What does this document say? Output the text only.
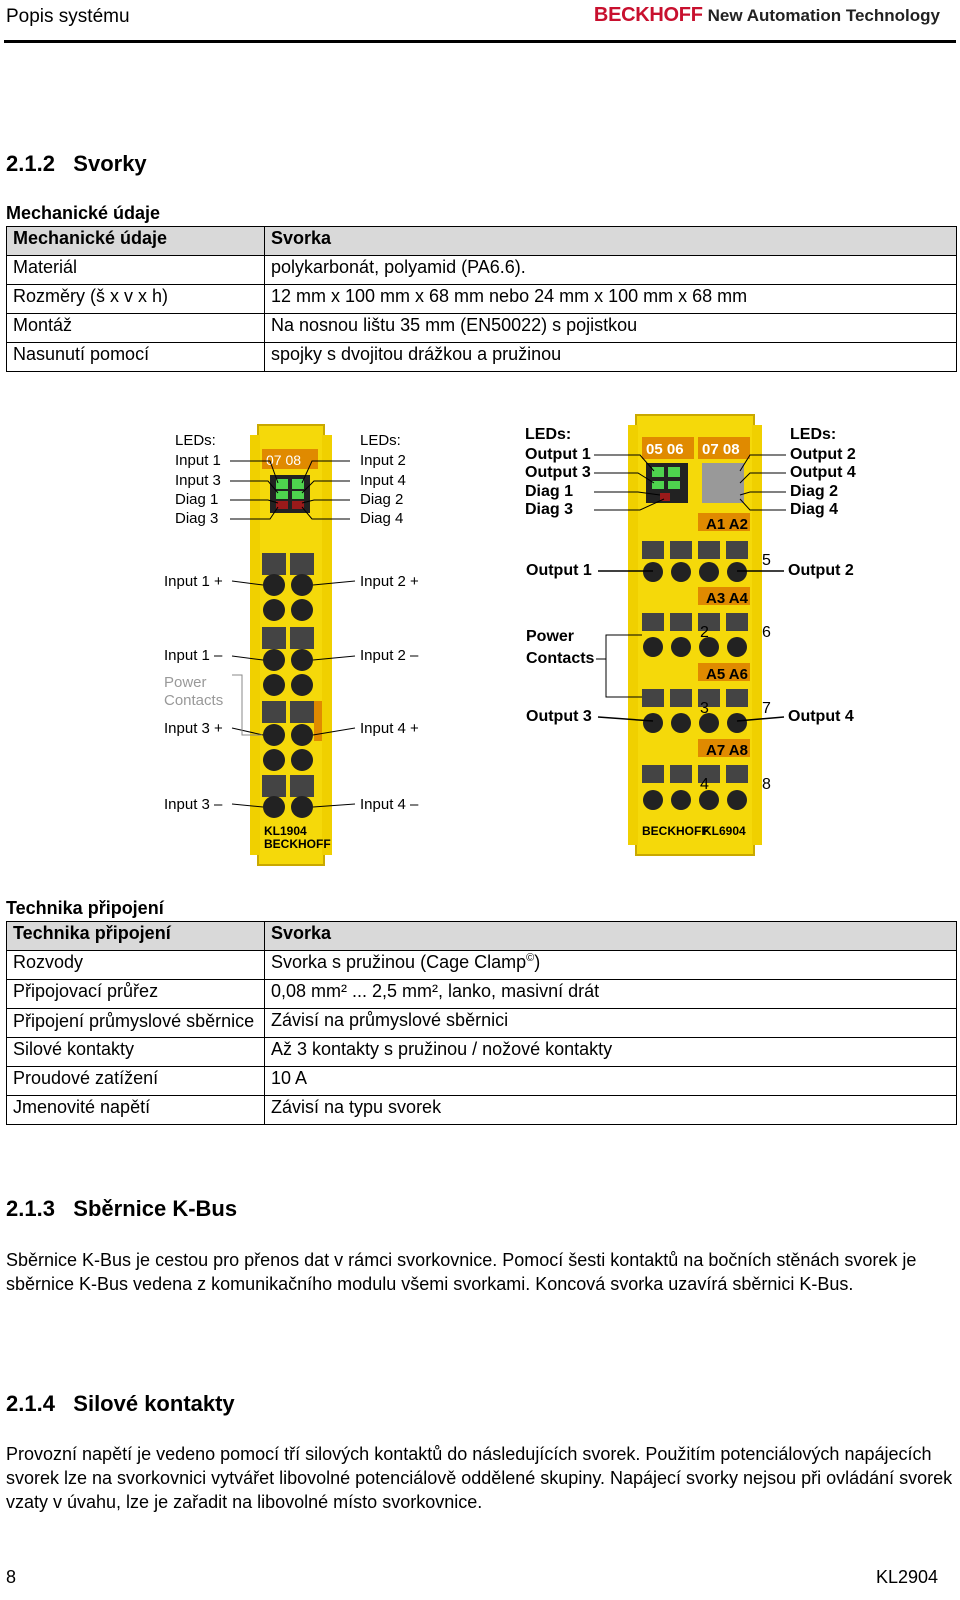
Popis systému	BECKHOFF New Automation Technology
2.1.2 Svorky
Mechanické údaje
Mechanické údaje	Svorka
Materiál	polykarbonát, polyamid (PA6.6).
Rozměry (š x v x h)	12 mm x 100 mm x 68 mm nebo 24 mm x 100 mm x 68 mm
Montáž	Na nosnou lištu 35 mm (EN50022) s pojistkou
Nasunutí pomocí	spojky s dvojitou drážkou a pružinou
07 08
KL1904
BECKHOFF
LEDs:
Input 1
Input 3
Diag 1
Diag 3
LEDs:
Input 2
Input 4
Diag 2
Diag 4
Input 1 +
Input 1 –
Power
Contacts
Input 3 +
Input 3 –
Input 2 +
Input 2 –
Input 4 +
Input 4 –
05 06 07 08
A1 A2
A3 A4
A5 A6
A7 A8
BECKHOFF
KL6904
LEDs:
Output 1
Output 3
Diag 1
Diag 3
LEDs:
Output 2
Output 4
Diag 2
Diag 4
Output 1
Power
Contacts
Output 3
Output 2
Output 4
5
6
7
8
2
3
4
Technika připojení
Technika připojení	Svorka
Rozvody	Svorka s pružinou (Cage Clamp©)
Připojovací průřez	0,08 mm² ... 2,5 mm², lanko, masivní drát
Připojení průmyslové sběrnice	Závisí na průmyslové sběrnici
Silové kontakty	Až 3 kontakty s pružinou / nožové kontakty
Proudové zatížení	10 A
Jmenovité napětí	Závisí na typu svorek
2.1.3 Sběrnice K-Bus
Sběrnice K-Bus je cestou pro přenos dat v rámci svorkovnice. Pomocí šesti kontaktů na bočních stěnách svorek je sběrnice K-Bus vedena z komunikačního modulu všemi svorkami. Koncová svorka uzavírá sběrnici K-Bus.
2.1.4 Silové kontakty
Provozní napětí je vedeno pomocí tří silových kontaktů do následujících svorek. Použitím potenciálových napájecích svorek lze na svorkovnici vytvářet libovolné potenciálově oddělené skupiny. Napájecí svorky nejsou při ovládání svorek vzaty v úvahu, lze je zařadit na libovolné místo svorkovnice.
8	KL2904
